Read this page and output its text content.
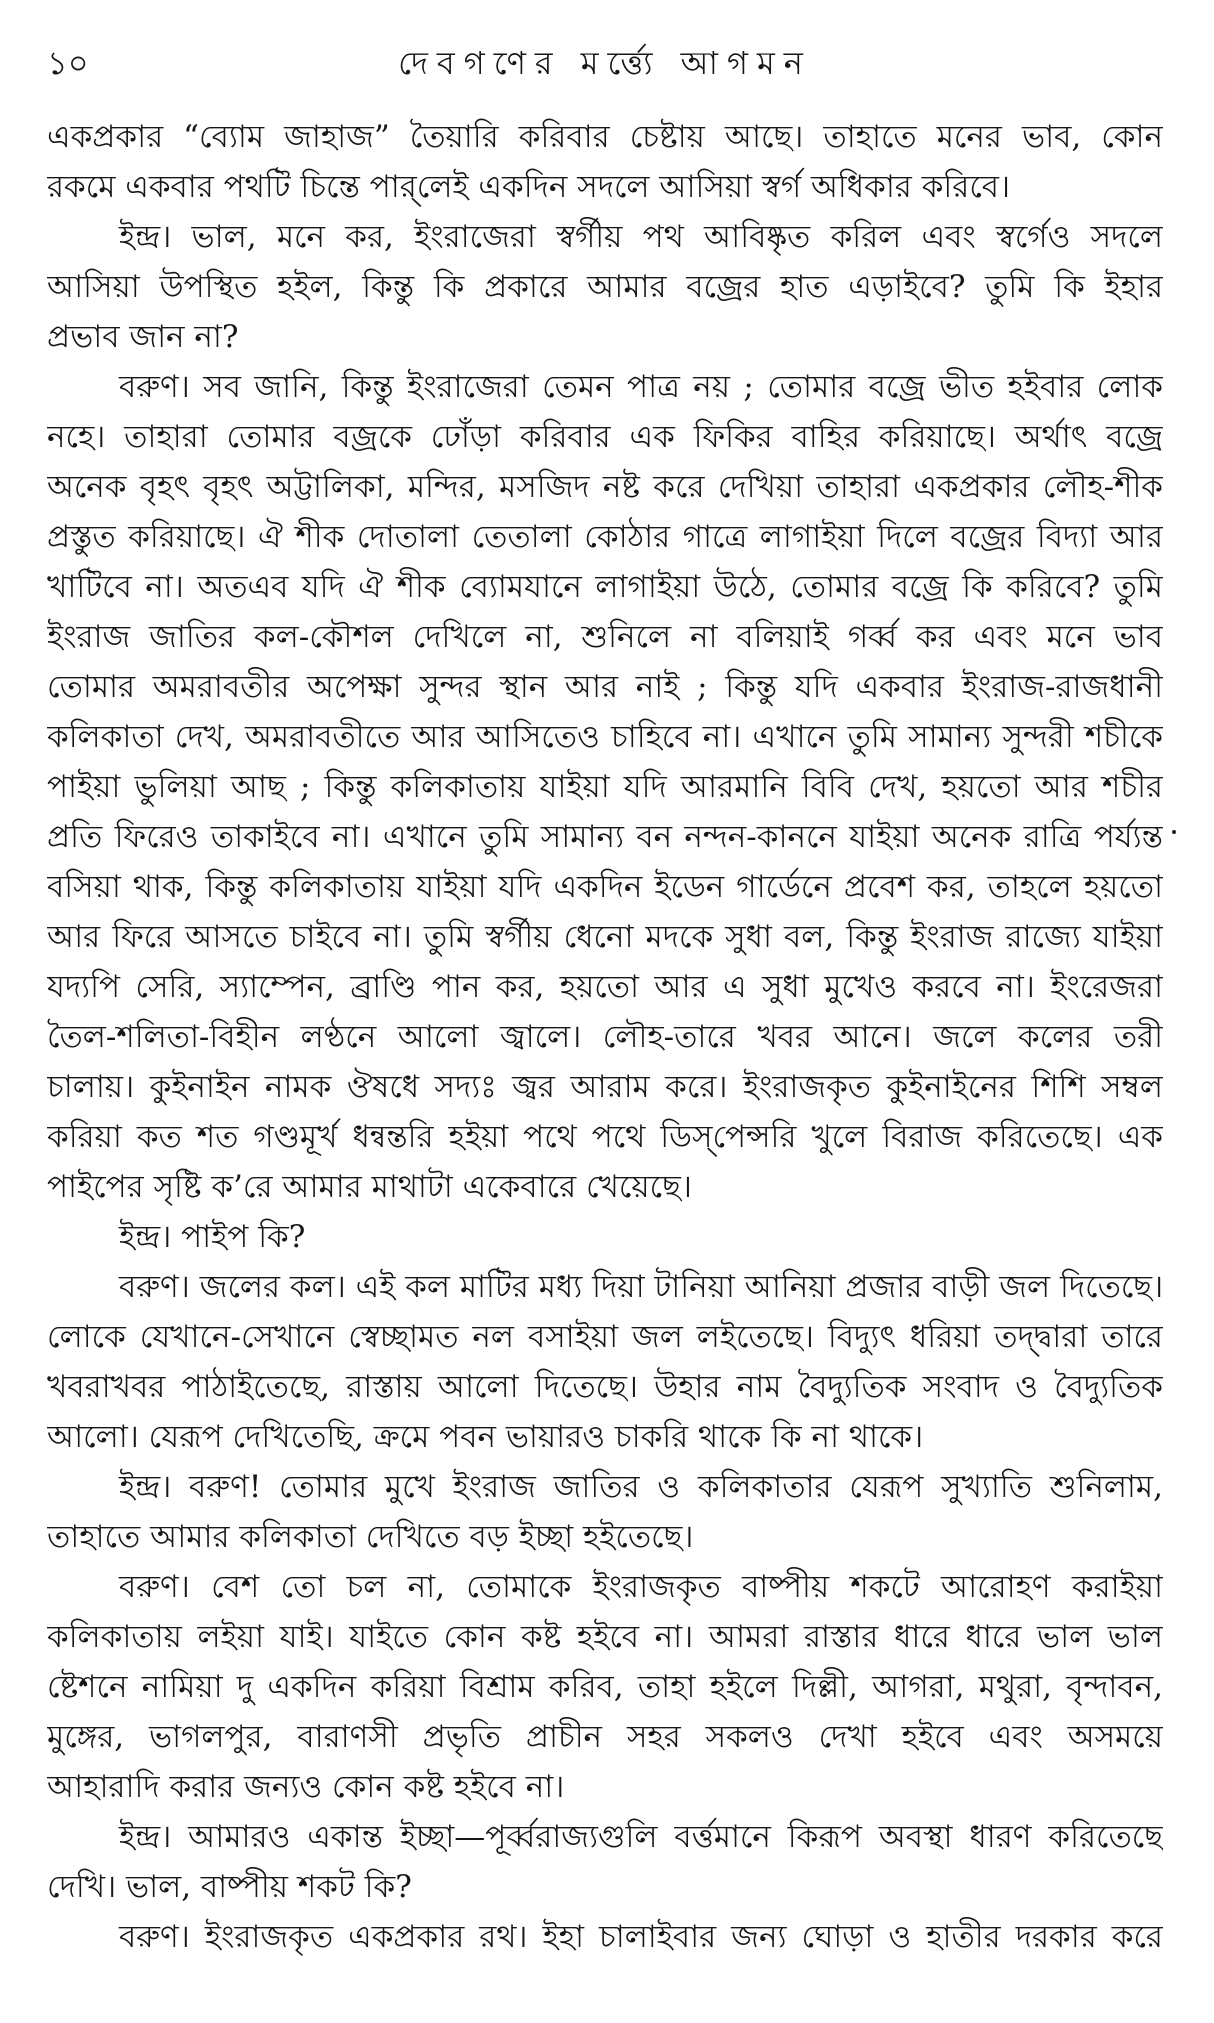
১০	দেবগণের মর্ত্ত্যে আগমন
একপ্রকার “ব্যোম জাহাজ” তৈয়ারি করিবার চেষ্টায় আছে। তাহাতে মনের ভাব, কোন
রকমে একবার পথটি চিন্তে পার্‌লেই একদিন সদলে আসিয়া স্বর্গ অধিকার করিবে।
ইন্দ্র। ভাল, মনে কর, ইংরাজেরা স্বর্গীয় পথ আবিষ্কৃত করিল এবং স্বর্গেও সদলে
আসিয়া উপস্থিত হইল, কিন্তু কি প্রকারে আমার বজ্রের হাত এড়াইবে? তুমি কি ইহার
প্রভাব জান না?
বরুণ। সব জানি, কিন্তু ইংরাজেরা তেমন পাত্র নয় ; তোমার বজ্রে ভীত হইবার লোক
নহে। তাহারা তোমার বজ্রকে ঢোঁড়া করিবার এক ফিকির বাহির করিয়াছে। অর্থাৎ বজ্রে
অনেক বৃহৎ বৃহৎ অট্টালিকা, মন্দির, মসজিদ নষ্ট করে দেখিয়া তাহারা একপ্রকার লৌহ-শীক
প্রস্তুত করিয়াছে। ঐ শীক দোতালা তেতালা কোঠার গাত্রে লাগাইয়া দিলে বজ্রের বিদ্যা আর
খাটিবে না। অতএব যদি ঐ শীক ব্যোমযানে লাগাইয়া উঠে, তোমার বজ্রে কি করিবে? তুমি
ইংরাজ জাতির কল-কৌশল দেখিলে না, শুনিলে না বলিয়াই গর্ব্ব কর এবং মনে ভাব
তোমার অমরাবতীর অপেক্ষা সুন্দর স্থান আর নাই ; কিন্তু যদি একবার ইংরাজ-রাজধানী
কলিকাতা দেখ, অমরাবতীতে আর আসিতেও চাহিবে না। এখানে তুমি সামান্য সুন্দরী শচীকে
পাইয়া ভুলিয়া আছ ; কিন্তু কলিকাতায় যাইয়া যদি আরমানি বিবি দেখ, হয়তো আর শচীর
প্রতি ফিরেও তাকাইবে না। এখানে তুমি সামান্য বন নন্দন-কাননে যাইয়া অনেক রাত্রি পর্য্যন্ত
বসিয়া থাক, কিন্তু কলিকাতায় যাইয়া যদি একদিন ইডেন গার্ডেনে প্রবেশ কর, তাহলে হয়তো
আর ফিরে আসতে চাইবে না। তুমি স্বর্গীয় ধেনো মদকে সুধা বল, কিন্তু ইংরাজ রাজ্যে যাইয়া
যদ্যপি সেরি, স্যাম্পেন, ব্রাণ্ডি পান কর, হয়তো আর এ সুধা মুখেও করবে না। ইংরেজরা
তৈল-শলিতা-বিহীন লণ্ঠনে আলো জ্বালে। লৌহ-তারে খবর আনে। জলে কলের তরী
চালায়। কুইনাইন নামক ঔষধে সদ্যঃ জ্বর আরাম করে। ইংরাজকৃত কুইনাইনের শিশি সম্বল
করিয়া কত শত গণ্ডমূর্খ ধন্বন্তরি হইয়া পথে পথে ডিস্‌পেন্সরি খুলে বিরাজ করিতেছে। এক
পাইপের সৃষ্টি ক’রে আমার মাথাটা একেবারে খেয়েছে।
ইন্দ্র। পাইপ কি?
বরুণ। জলের কল। এই কল মাটির মধ্য দিয়া টানিয়া আনিয়া প্রজার বাড়ী জল দিতেছে।
লোকে যেখানে-সেখানে স্বেচ্ছামত নল বসাইয়া জল লইতেছে। বিদ্যুৎ ধরিয়া তদ্দ্বারা তারে
খবরাখবর পাঠাইতেছে, রাস্তায় আলো দিতেছে। উহার নাম বৈদ্যুতিক সংবাদ ও বৈদ্যুতিক
আলো। যেরূপ দেখিতেছি, ক্রমে পবন ভায়ারও চাকরি থাকে কি না থাকে।
ইন্দ্র। বরুণ! তোমার মুখে ইংরাজ জাতির ও কলিকাতার যেরূপ সুখ্যাতি শুনিলাম,
তাহাতে আমার কলিকাতা দেখিতে বড় ইচ্ছা হইতেছে।
বরুণ। বেশ তো চল না, তোমাকে ইংরাজকৃত বাষ্পীয় শকটে আরোহণ করাইয়া
কলিকাতায় লইয়া যাই। যাইতে কোন কষ্ট হইবে না। আমরা রাস্তার ধারে ধারে ভাল ভাল
ষ্টেশনে নামিয়া দু একদিন করিয়া বিশ্রাম করিব, তাহা হইলে দিল্লী, আগরা, মথুরা, বৃন্দাবন,
মুঙ্গের, ভাগলপুর, বারাণসী প্রভৃতি প্রাচীন সহর সকলও দেখা হইবে এবং অসময়ে
আহারাদি করার জন্যও কোন কষ্ট হইবে না।
ইন্দ্র। আমারও একান্ত ইচ্ছা—পূর্ব্বরাজ্যগুলি বর্ত্তমানে কিরূপ অবস্থা ধারণ করিতেছে
দেখি। ভাল, বাষ্পীয় শকট কি?
বরুণ। ইংরাজকৃত একপ্রকার রথ। ইহা চালাইবার জন্য ঘোড়া ও হাতীর দরকার করে
